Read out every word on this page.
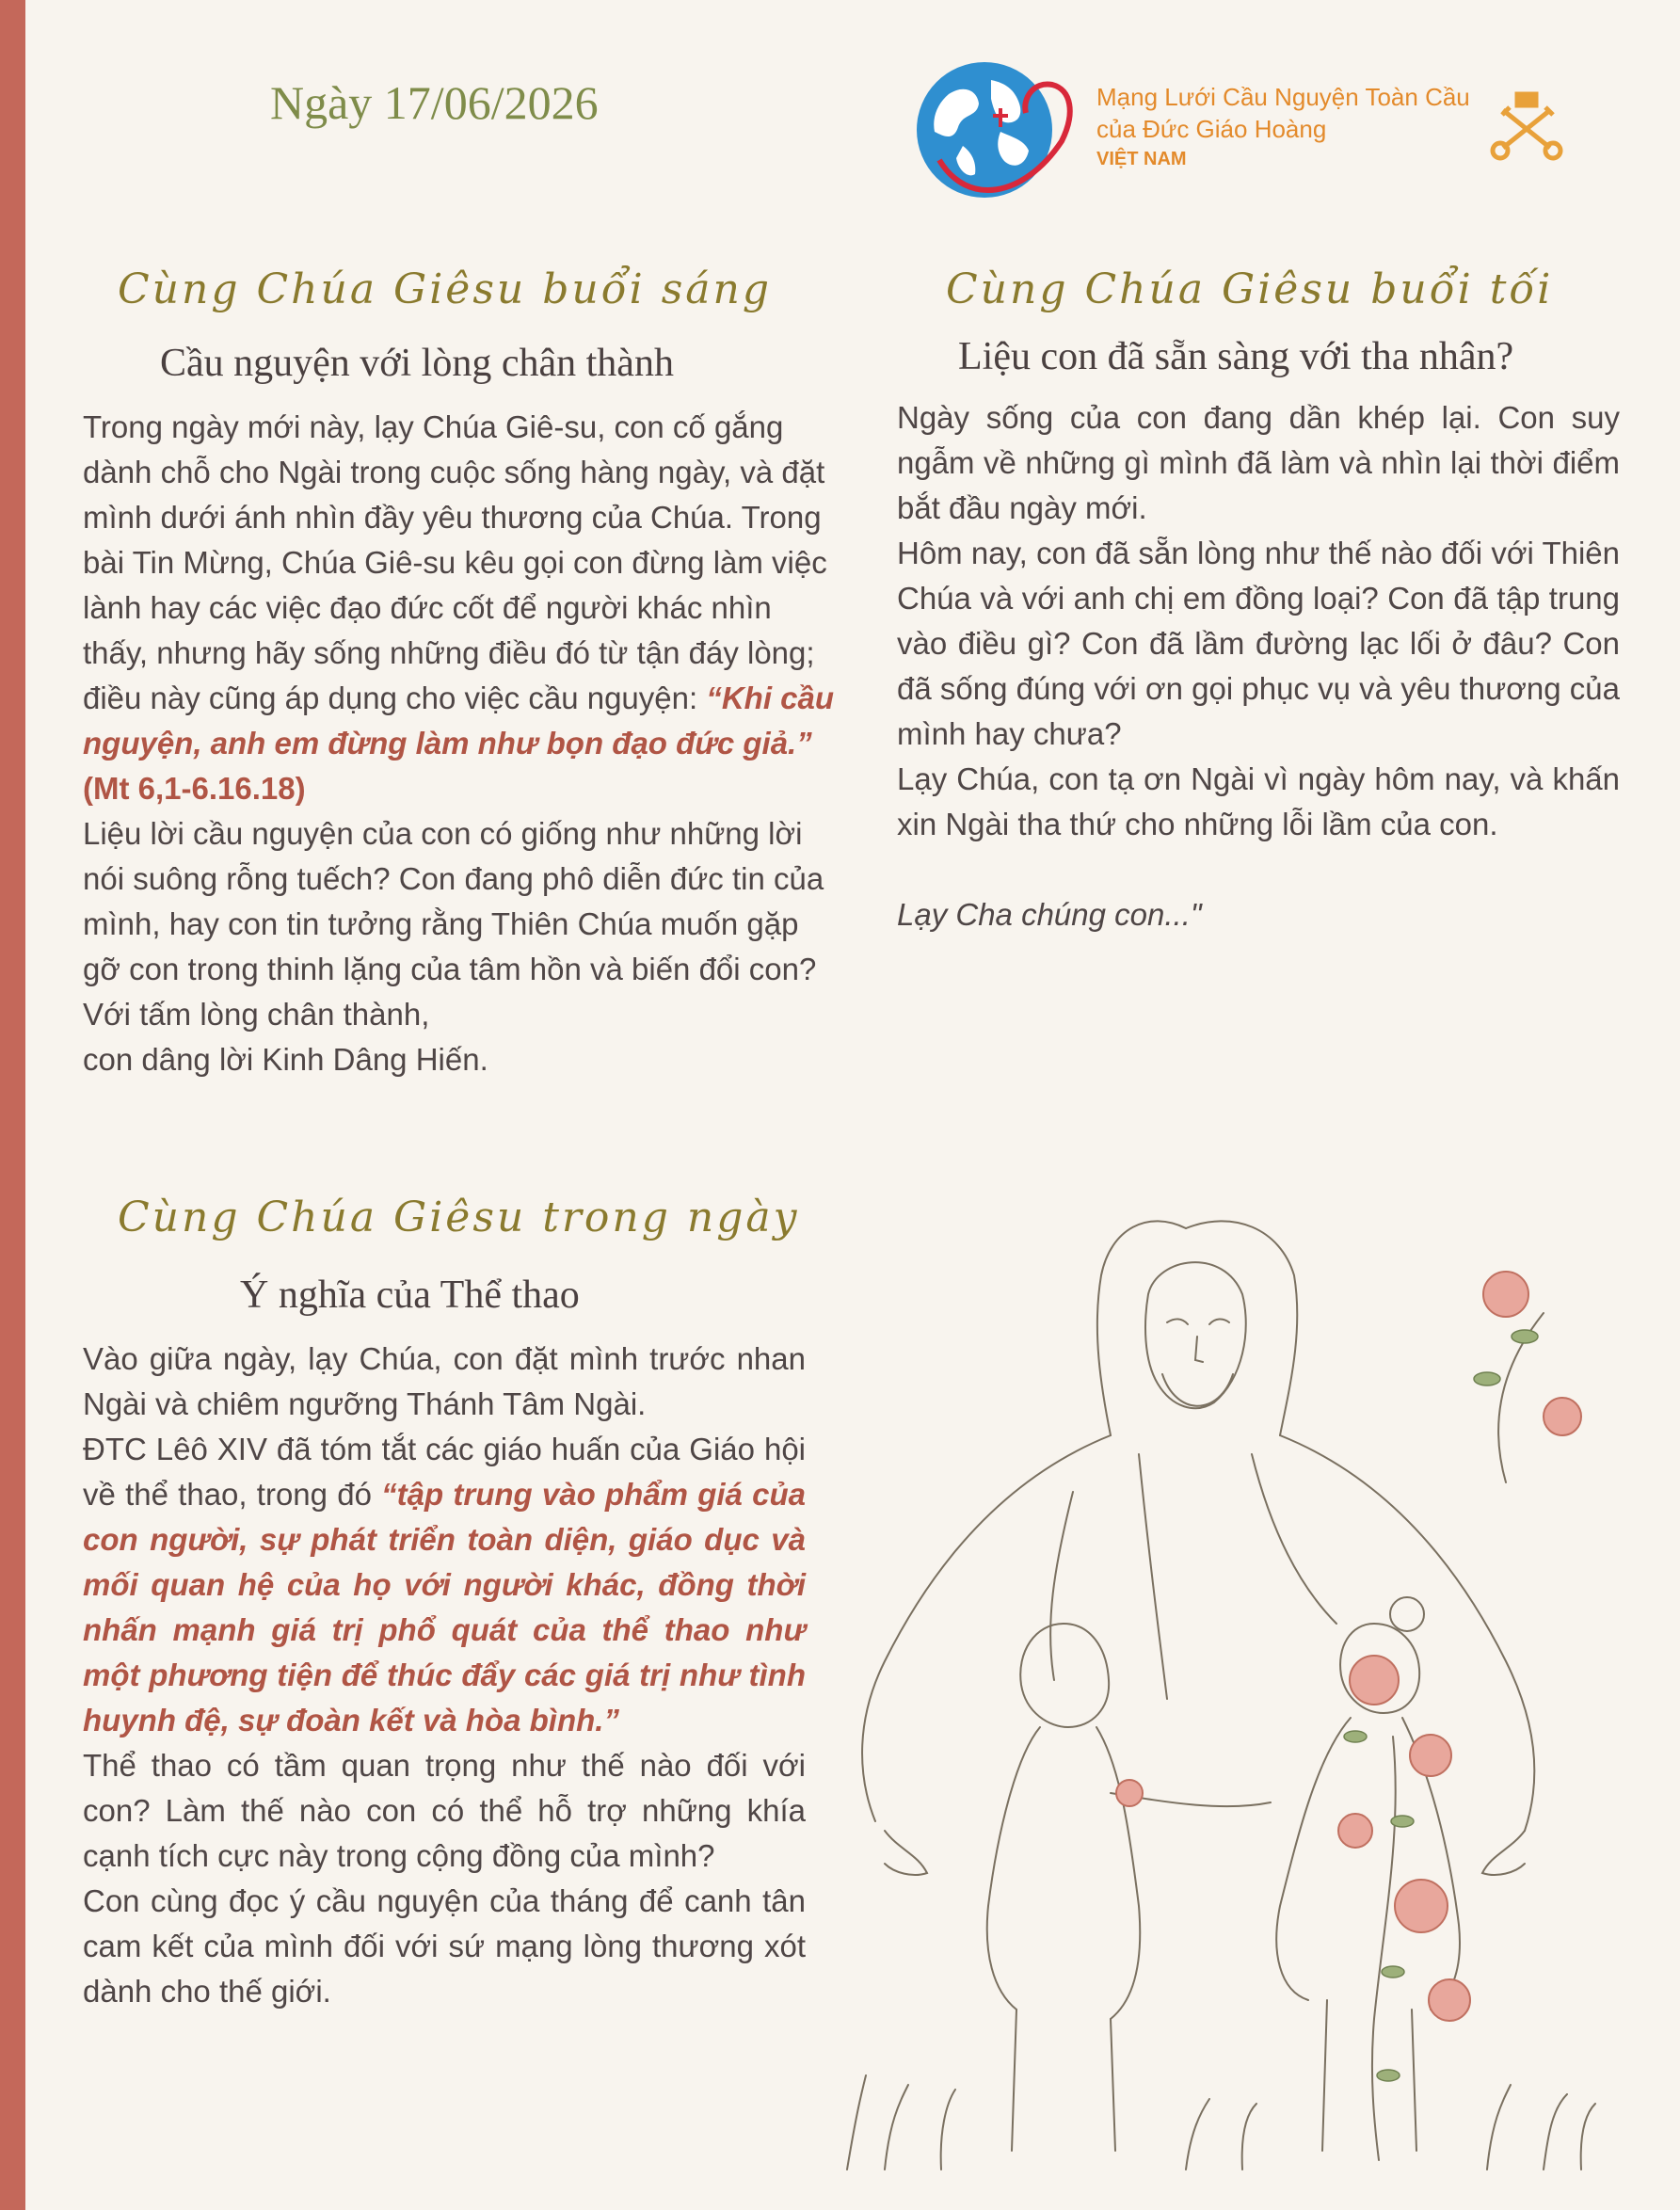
Ngày 17/06/2026	Mạng Lưới Cầu Nguyện Toàn Cầu
của Đức Giáo Hoàng
VIỆT NAM
Cùng Chúa Giêsu buổi sáng
Cầu nguyện với lòng chân thành

Trong ngày mới này, lạy Chúa Giê-su, con cố gắng dành chỗ cho Ngài trong cuộc sống hàng ngày, và đặt mình dưới ánh nhìn đầy yêu thương của Chúa. Trong bài Tin Mừng, Chúa Giê-su kêu gọi con đừng làm việc lành hay các việc đạo đức cốt để người khác nhìn thấy, nhưng hãy sống những điều đó từ tận đáy lòng; điều này cũng áp dụng cho việc cầu nguyện: “Khi cầu nguyện, anh em đừng làm như bọn đạo đức giả.” (Mt 6,1-6.16.18)

Liệu lời cầu nguyện của con có giống như những lời nói suông rỗng tuếch? Con đang phô diễn đức tin của mình, hay con tin tưởng rằng Thiên Chúa muốn gặp gỡ con trong thinh lặng của tâm hồn và biến đổi con?

Với tấm lòng chân thành,

con dâng lời Kinh Dâng Hiến.

Cùng Chúa Giêsu buổi tối
Liệu con đã sẵn sàng với tha nhân?

Ngày sống của con đang dần khép lại. Con suy ngẫm về những gì mình đã làm và nhìn lại thời điểm bắt đầu ngày mới.

Hôm nay, con đã sẵn lòng như thế nào đối với Thiên Chúa và với anh chị em đồng loại? Con đã tập trung vào điều gì? Con đã lầm đường lạc lối ở đâu? Con đã sống đúng với ơn gọi phục vụ và yêu thương của mình hay chưa?

Lạy Chúa, con tạ ơn Ngài vì ngày hôm nay, và khấn xin Ngài tha thứ cho những lỗi lầm của con.

Lạy Cha chúng con..."

Cùng Chúa Giêsu trong ngày
Ý nghĩa của Thể thao

Vào giữa ngày, lạy Chúa, con đặt mình trước nhan Ngài và chiêm ngưỡng Thánh Tâm Ngài.

ĐTC Lêô XIV đã tóm tắt các giáo huấn của Giáo hội về thể thao, trong đó “tập trung vào phẩm giá của con người, sự phát triển toàn diện, giáo dục và mối quan hệ của họ với người khác, đồng thời nhấn mạnh giá trị phổ quát của thể thao như một phương tiện để thúc đẩy các giá trị như tình huynh đệ, sự đoàn kết và hòa bình.”

Thể thao có tầm quan trọng như thế nào đối với con? Làm thế nào con có thể hỗ trợ những khía cạnh tích cực này trong cộng đồng của mình?

Con cùng đọc ý cầu nguyện của tháng để canh tân cam kết của mình đối với sứ mạng lòng thương xót dành cho thế giới.
